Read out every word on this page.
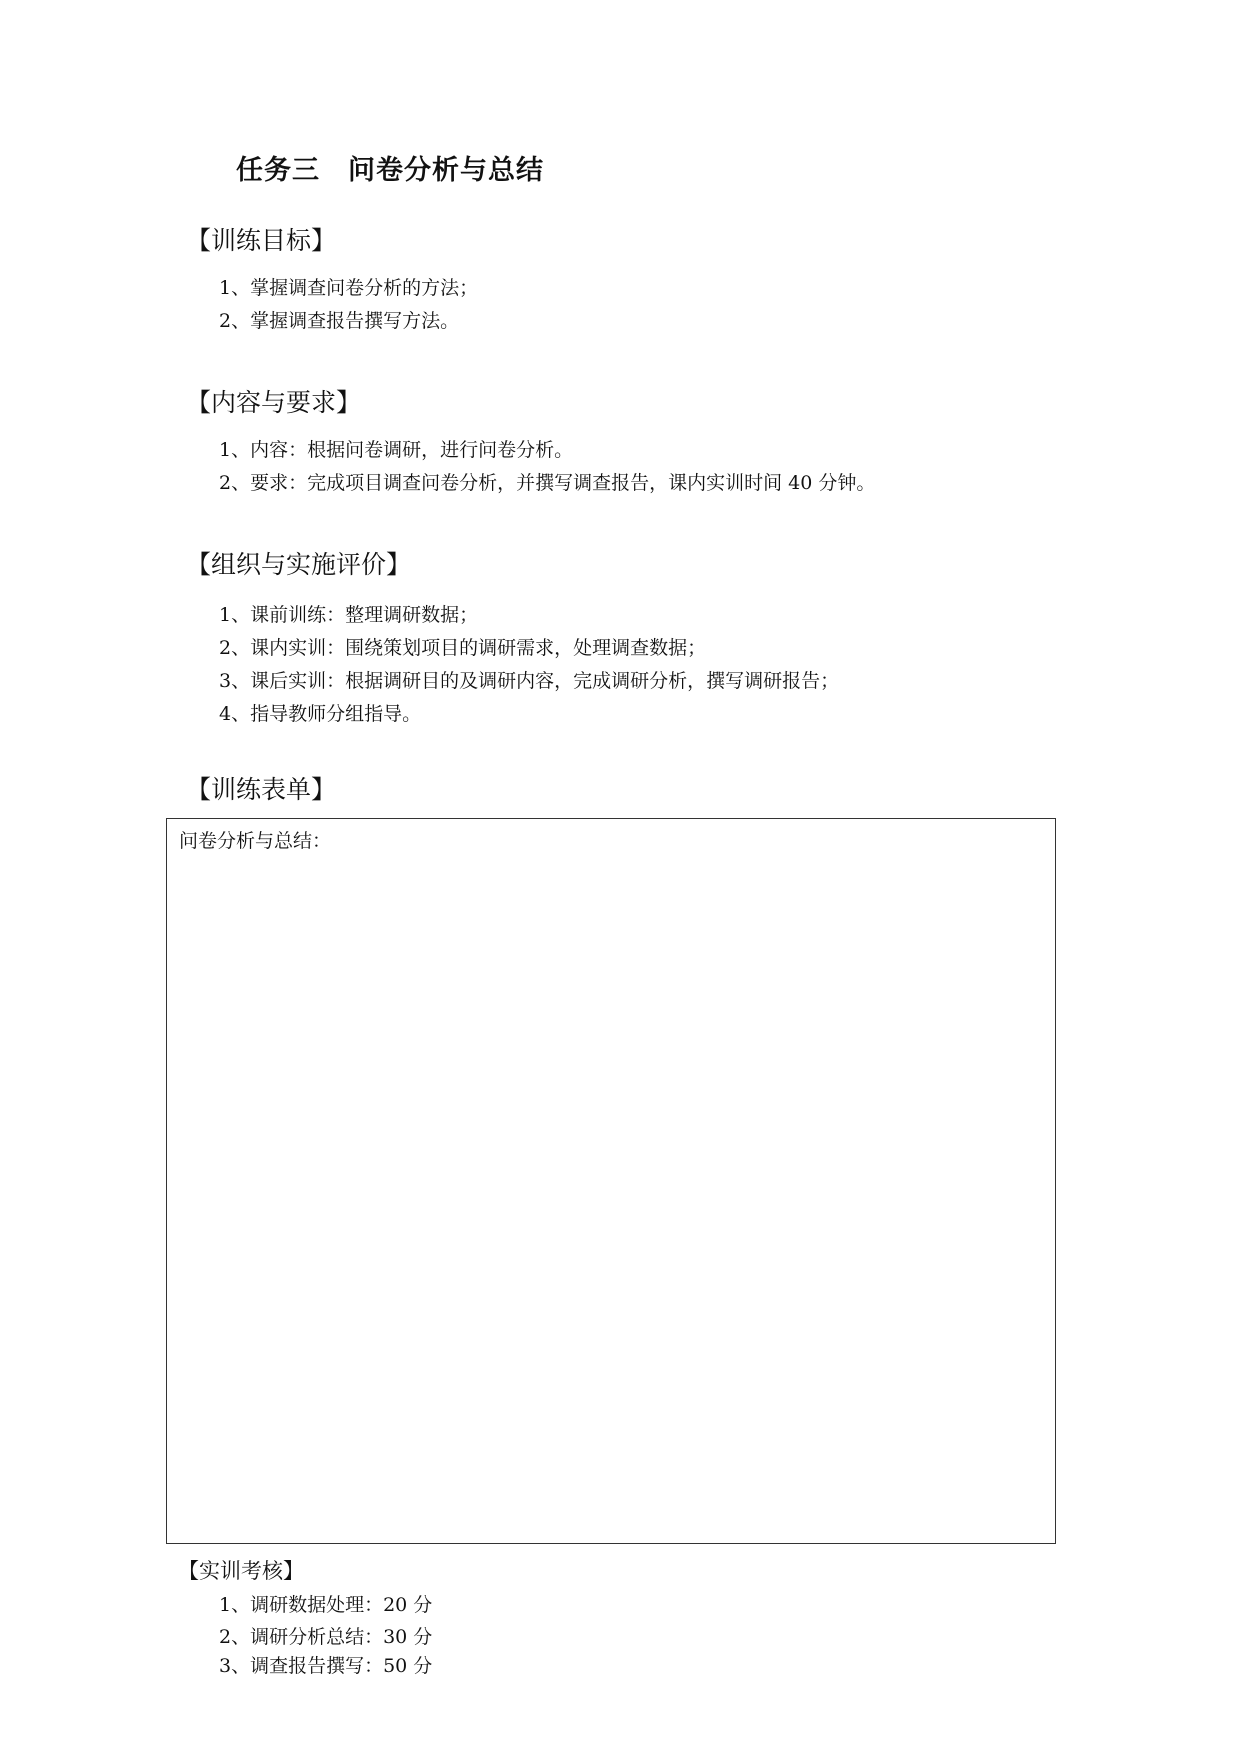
任务三　问卷分析与总结
【训练目标】
1、掌握调查问卷分析的方法；
2、掌握调查报告撰写方法。
【内容与要求】
1、内容：根据问卷调研，进行问卷分析。
2、要求：完成项目调查问卷分析，并撰写调查报告，课内实训时间 40 分钟。
【组织与实施评价】
1、课前训练：整理调研数据；
2、课内实训：围绕策划项目的调研需求，处理调查数据；
3、课后实训：根据调研目的及调研内容，完成调研分析，撰写调研报告；
4、指导教师分组指导。
【训练表单】
问卷分析与总结：
【实训考核】
1、调研数据处理：20 分
2、调研分析总结：30 分
3、调查报告撰写：50 分
